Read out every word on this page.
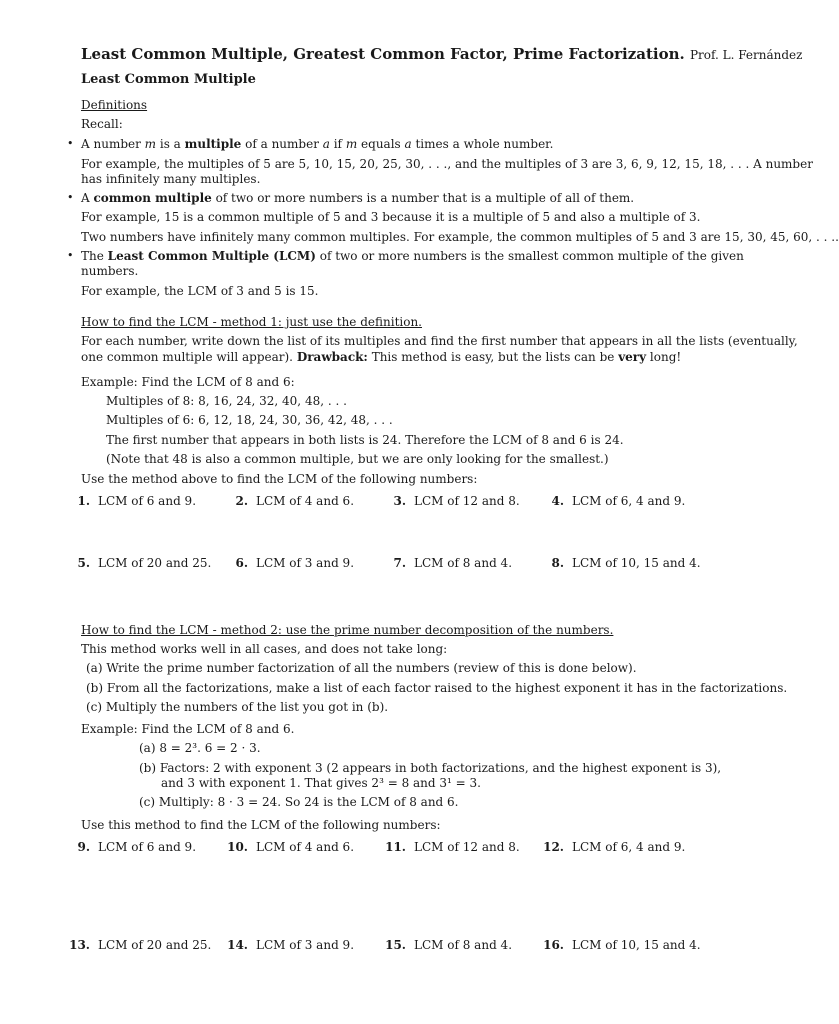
Least Common Multiple, Greatest Common Factor, Prime Factorization. Prof. L. Fernández
Least Common Multiple
Definitions
Recall:
• A number m is a multiple of a number a if m equals a times a whole number.
For example, the multiples of 5 are 5, 10, 15, 20, 25, 30, . . ., and the multiples of 3 are 3, 6, 9, 12, 15, 18, . . . A number
has infinitely many multiples.
• A common multiple of two or more numbers is a number that is a multiple of all of them.
For example, 15 is a common multiple of 5 and 3 because it is a multiple of 5 and also a multiple of 3.
Two numbers have infinitely many common multiples. For example, the common multiples of 5 and 3 are 15, 30, 45, 60, . . ..
• The Least Common Multiple (LCM) of two or more numbers is the smallest common multiple of the given
numbers.
For example, the LCM of 3 and 5 is 15.
How to find the LCM - method 1: just use the definition.
For each number, write down the list of its multiples and find the first number that appears in all the lists (eventually,
one common multiple will appear). Drawback: This method is easy, but the lists can be very long!
Example: Find the LCM of 8 and 6:
Multiples of 8: 8, 16, 24, 32, 40, 48, . . .
Multiples of 6: 6, 12, 18, 24, 30, 36, 42, 48, . . .
The first number that appears in both lists is 24. Therefore the LCM of 8 and 6 is 24.
(Note that 48 is also a common multiple, but we are only looking for the smallest.)
Use the method above to find the LCM of the following numbers:
1. LCM of 6 and 9.	2. LCM of 4 and 6.	3. LCM of 12 and 8.	4. LCM of 6, 4 and 9.
5. LCM of 20 and 25.	6. LCM of 3 and 9.	7. LCM of 8 and 4.	8. LCM of 10, 15 and 4.
How to find the LCM - method 2: use the prime number decomposition of the numbers.
This method works well in all cases, and does not take long:
(a) Write the prime number factorization of all the numbers (review of this is done below).
(b) From all the factorizations, make a list of each factor raised to the highest exponent it has in the factorizations.
(c) Multiply the numbers of the list you got in (b).
Example: Find the LCM of 8 and 6.
(a) 8 = 2³. 6 = 2 · 3.
(b) Factors: 2 with exponent 3 (2 appears in both factorizations, and the highest exponent is 3),
and 3 with exponent 1. That gives 2³ = 8 and 3¹ = 3.
(c) Multiply: 8 · 3 = 24. So 24 is the LCM of 8 and 6.
Use this method to find the LCM of the following numbers:
9. LCM of 6 and 9.	10. LCM of 4 and 6.	11. LCM of 12 and 8. 12. LCM of 6, 4 and 9.
13. LCM of 20 and 25. 14. LCM of 3 and 9.	15. LCM of 8 and 4.	16. LCM of 10, 15 and 4.
